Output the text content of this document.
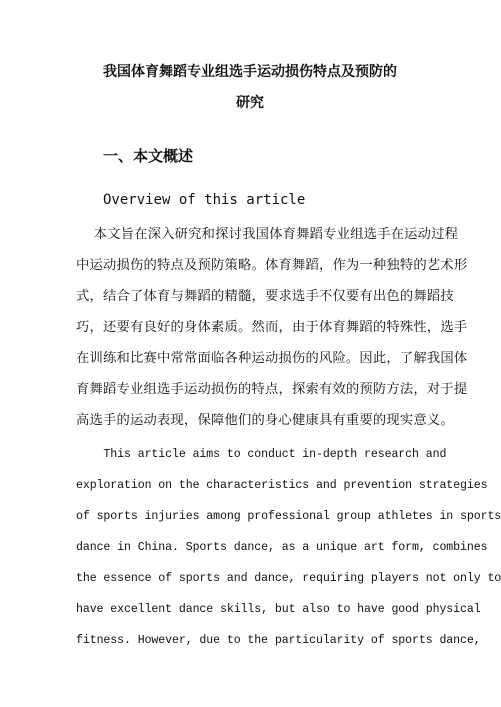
我国体育舞蹈专业组选手运动损伤特点及预防的
研究
一、本文概述
Overview of this article
本文旨在深入研究和探讨我国体育舞蹈专业组选手在运动过程
中运动损伤的特点及预防策略。体育舞蹈，作为一种独特的艺术形
式，结合了体育与舞蹈的精髓，要求选手不仅要有出色的舞蹈技
巧，还要有良好的身体素质。然而，由于体育舞蹈的特殊性，选手
在训练和比赛中常常面临各种运动损伤的风险。因此，了解我国体
育舞蹈专业组选手运动损伤的特点，探索有效的预防方法，对于提
高选手的运动表现，保障他们的身心健康具有重要的现实意义。
This article aims to conduct in-depth research and
exploration on the characteristics and prevention strategies
of sports injuries among professional group athletes in sports
dance in China. Sports dance, as a unique art form, combines
the essence of sports and dance, requiring players not only to
have excellent dance skills, but also to have good physical
fitness. However, due to the particularity of sports dance,
